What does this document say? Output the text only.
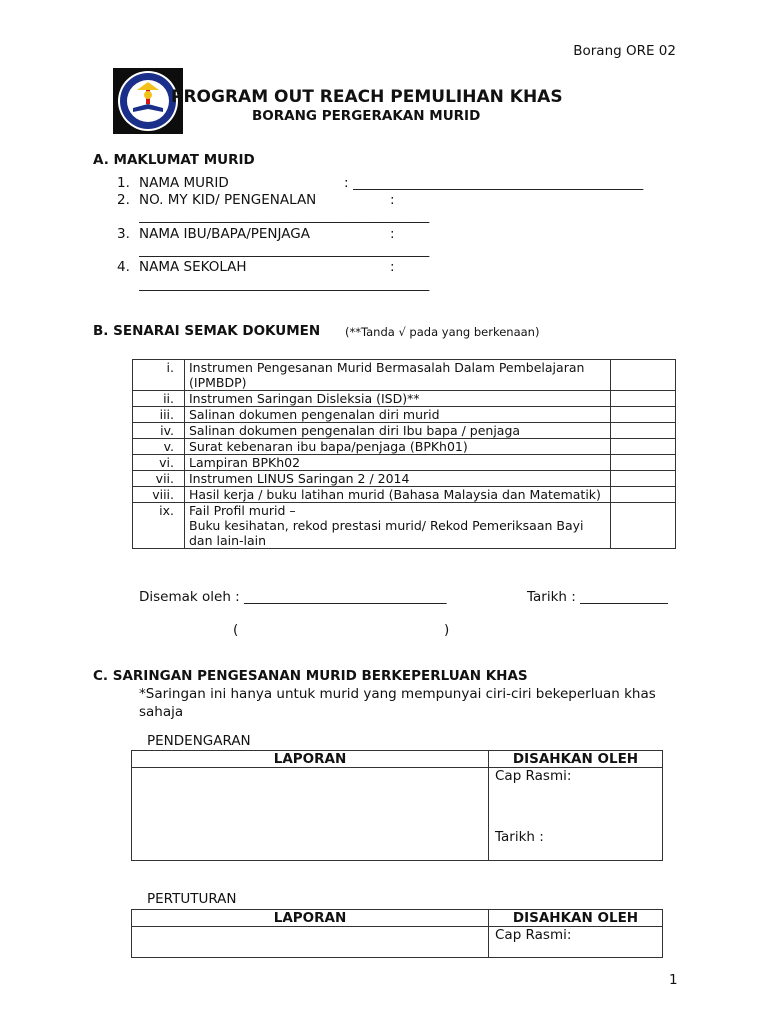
Borang ORE 02
PROGRAM OUT REACH PEMULIHAN KHAS
BORANG PERGERAKAN MURID
A. MAKLUMAT MURID
1. NAMA MURID	: ___________________________________________
2. NO. MY KID/ PENGENALAN	:
___________________________________________
3. NAMA IBU/BAPA/PENJAGA	:
___________________________________________
4. NAMA SEKOLAH	:
___________________________________________
B. SENARAI SEMAK DOKUMEN (**Tanda √ pada yang berkenaan)
i.	Instrumen Pengesanan Murid Bermasalah Dalam Pembelajaran (IPMBDP)	
ii.	Instrumen Saringan Disleksia (ISD)**	
iii.	Salinan dokumen pengenalan diri murid	
iv.	Salinan dokumen pengenalan diri Ibu bapa / penjaga	
v.	Surat kebenaran ibu bapa/penjaga (BPKh01)	
vi.	Lampiran BPKh02	
vii.	Instrumen LINUS Saringan 2 / 2014	
viii.	Hasil kerja / buku latihan murid (Bahasa Malaysia dan Matematik)	
ix.	Fail Profil murid –
Buku kesihatan, rekod prestasi murid/ Rekod Pemeriksaan Bayi dan lain-lain	

Disemak oleh : ______________________________	Tarikh : _____________
(	)
C. SARINGAN PENGESANAN MURID BERKEPERLUAN KHAS
*Saringan ini hanya untuk murid yang mempunyai ciri-ciri bekeperluan khas sahaja
PENDENGARAN
LAPORAN	DISAHKAN OLEH

	Cap Rasmi:
Tarikh :
PERTUTURAN
LAPORAN	DISAHKAN OLEH

	Cap Rasmi:
1
